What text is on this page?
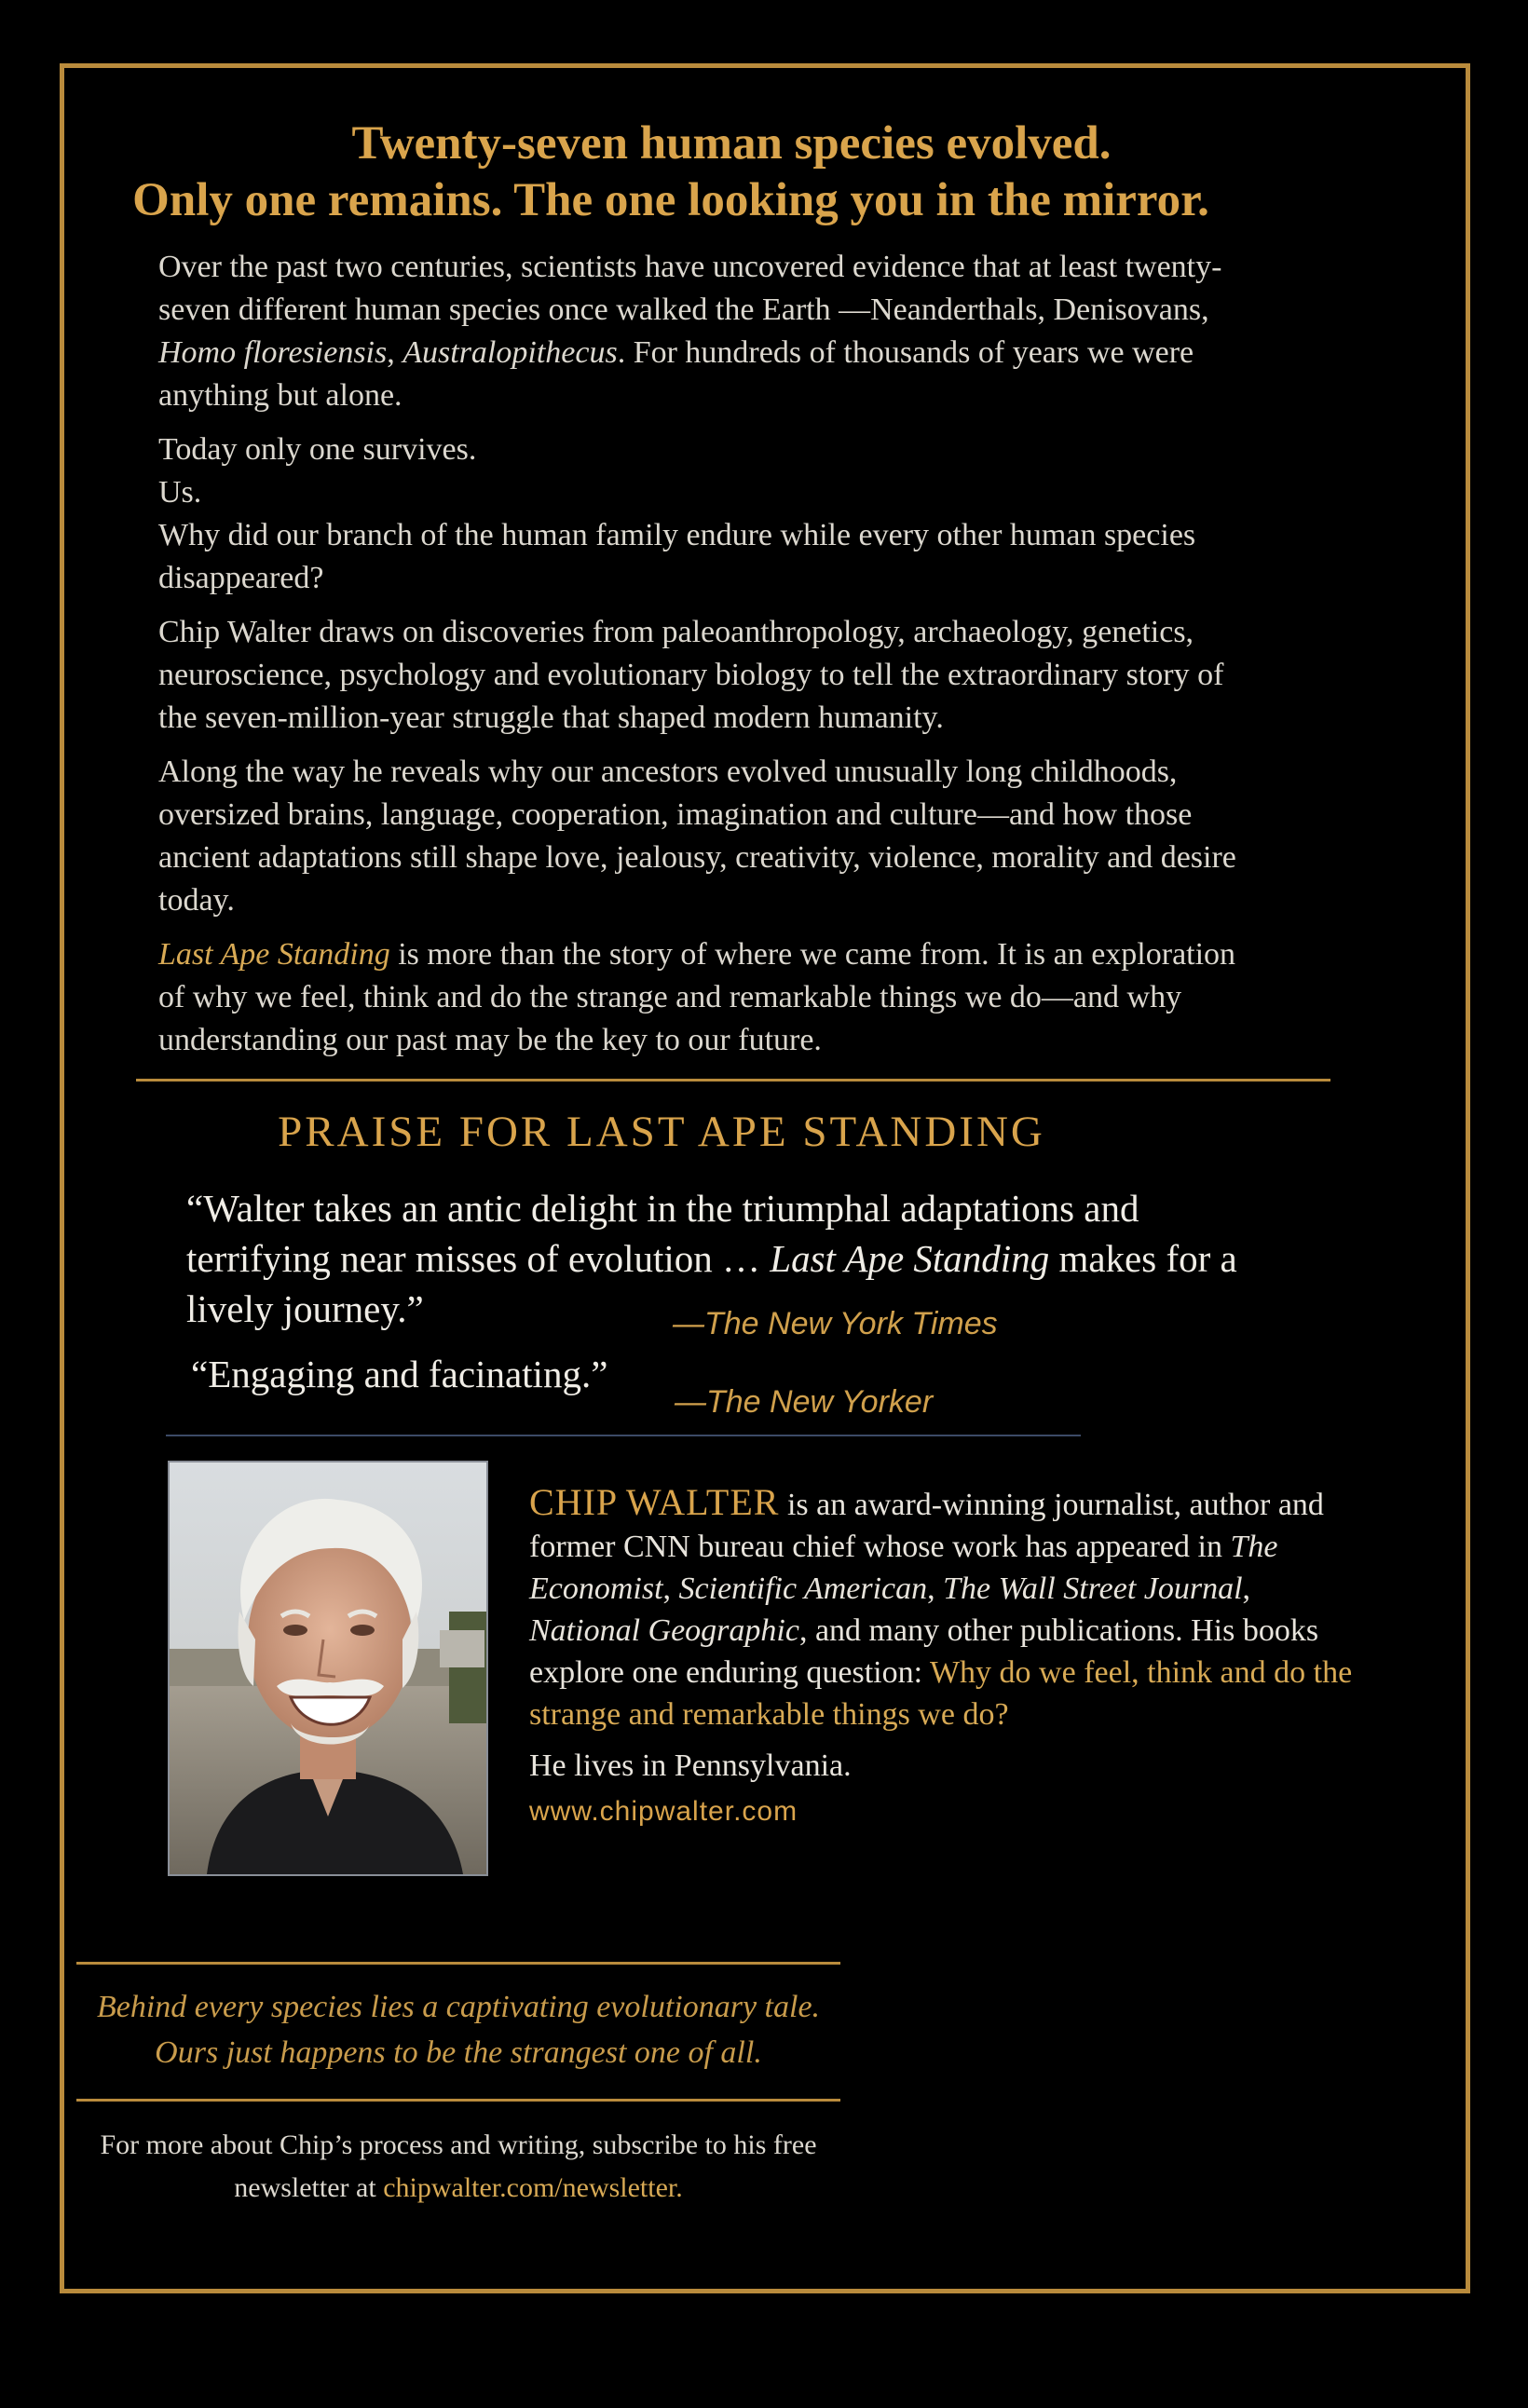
Twenty-seven human species evolved.
Only one remains. The one looking you in the mirror.

Over the past two centuries, scientists have uncovered evidence that at least twenty-seven different human species once walked the Earth —Neanderthals, Denisovans, Homo floresiensis, Australopithecus. For hundreds of thousands of years we were anything but alone.

Today only one survives.

Us.

Why did our branch of the human family endure while every other human species disappeared?

Chip Walter draws on discoveries from paleoanthropology, archaeology, genetics, neuroscience, psychology and evolutionary biology to tell the extraordinary story of the seven-million-year struggle that shaped modern humanity.

Along the way he reveals why our ancestors evolved unusually long childhoods, oversized brains, language, cooperation, imagination and culture—and how those ancient adaptations still shape love, jealousy, creativity, violence, morality and desire today.

Last Ape Standing is more than the story of where we came from. It is an exploration of why we feel, think and do the strange and remarkable things we do—and why understanding our past may be the key to our future.

PRAISE FOR LAST APE STANDING
“Walter takes an antic delight in the triumphal adaptations and terrifying near misses of evolution … Last Ape Standing makes for a lively journey.”	—The New York Times
“Engaging and facinating.”
—The New Yorker

CHIP WALTER is an award-winning journalist, author and former CNN bureau chief whose work has appeared in The Economist, Scientific American, The Wall Street Journal, National Geographic, and many other publications. His books explore one enduring question: Why do we feel, think and do the strange and remarkable things we do?

He lives in Pennsylvania.

www.chipwalter.com

Behind every species lies a captivating evolutionary tale.
Ours just happens to be the strangest one of all.
For more about Chip’s process and writing, subscribe to his free newsletter at chipwalter.com/newsletter.
